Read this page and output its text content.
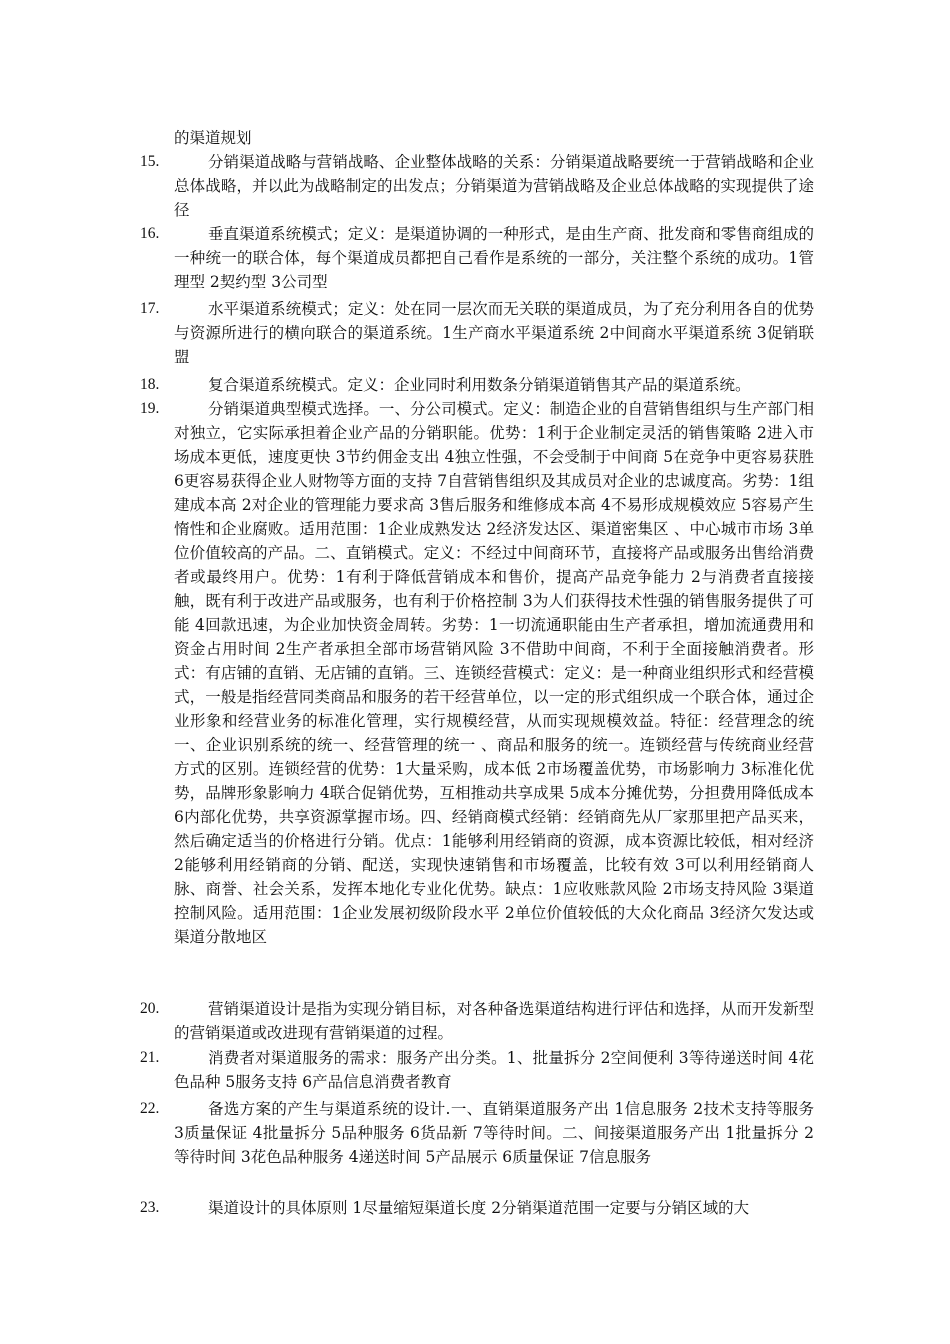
的渠道规划

15.	分销渠道战略与营销战略、企业整体战略的关系：分销渠道战略要统一于营销战略和企业总体战略，并以此为战略制定的出发点；分销渠道为营销战略及企业总体战略的实现提供了途径

16.	垂直渠道系统模式；定义：是渠道协调的一种形式，是由生产商、批发商和零售商组成的一种统一的联合体，每个渠道成员都把自己看作是系统的一部分，关注整个系统的成功。1管理型 2契约型 3公司型

17.	水平渠道系统模式；定义：处在同一层次而无关联的渠道成员，为了充分利用各自的优势与资源所进行的横向联合的渠道系统。1生产商水平渠道系统 2中间商水平渠道系统 3促销联盟

18.	复合渠道系统模式。定义：企业同时利用数条分销渠道销售其产品的渠道系统。

19.	分销渠道典型模式选择。一、分公司模式。定义：制造企业的自营销售组织与生产部门相对独立，它实际承担着企业产品的分销职能。优势：1利于企业制定灵活的销售策略 2进入市场成本更低，速度更快 3节约佣金支出 4独立性强，不会受制于中间商 5在竞争中更容易获胜 6更容易获得企业人财物等方面的支持 7自营销售组织及其成员对企业的忠诚度高。劣势：1组建成本高 2对企业的管理能力要求高 3售后服务和维修成本高 4不易形成规模效应 5容易产生惰性和企业腐败。适用范围：1企业成熟发达 2经济发达区、渠道密集区 、中心城市市场 3单位价值较高的产品。二、直销模式。定义：不经过中间商环节，直接将产品或服务出售给消费者或最终用户。优势：1有利于降低营销成本和售价，提高产品竞争能力 2与消费者直接接触，既有利于改进产品或服务，也有利于价格控制 3为人们获得技术性强的销售服务提供了可能 4回款迅速，为企业加快资金周转。劣势：1一切流通职能由生产者承担，增加流通费用和资金占用时间 2生产者承担全部市场营销风险 3不借助中间商，不利于全面接触消费者。形式：有店铺的直销、无店铺的直销。三、连锁经营模式：定义：是一种商业组织形式和经营模式，一般是指经营同类商品和服务的若干经营单位，以一定的形式组织成一个联合体，通过企业形象和经营业务的标准化管理，实行规模经营，从而实现规模效益。特征：经营理念的统一、企业识别系统的统一、经营管理的统一 、商品和服务的统一。连锁经营与传统商业经营方式的区别。连锁经营的优势：1大量采购，成本低 2市场覆盖优势，市场影响力 3标准化优势，品牌形象影响力 4联合促销优势，互相推动共享成果 5成本分摊优势，分担费用降低成本 6内部化优势，共享资源掌握市场。四、经销商模式经销：经销商先从厂家那里把产品买来，然后确定适当的价格进行分销。优点：1能够利用经销商的资源，成本资源比较低，相对经济 2能够利用经销商的分销、配送，实现快速销售和市场覆盖，比较有效 3可以利用经销商人脉、商誉、社会关系，发挥本地化专业化优势。缺点：1应收账款风险 2市场支持风险 3渠道控制风险。适用范围：1企业发展初级阶段水平 2单位价值较低的大众化商品 3经济欠发达或渠道分散地区

20.	营销渠道设计是指为实现分销目标，对各种备选渠道结构进行评估和选择，从而开发新型的营销渠道或改进现有营销渠道的过程。

21.	消费者对渠道服务的需求：服务产出分类。1、批量拆分 2空间便利 3等待递送时间 4花色品种 5服务支持 6产品信息消费者教育

22.	备选方案的产生与渠道系统的设计.一、直销渠道服务产出 1信息服务 2技术支持等服务 3质量保证 4批量拆分 5品种服务 6货品新 7等待时间。二、间接渠道服务产出 1批量拆分 2等待时间 3花色品种服务 4递送时间 5产品展示 6质量保证 7信息服务

23.	渠道设计的具体原则 1尽量缩短渠道长度 2分销渠道范围一定要与分销区域的大
